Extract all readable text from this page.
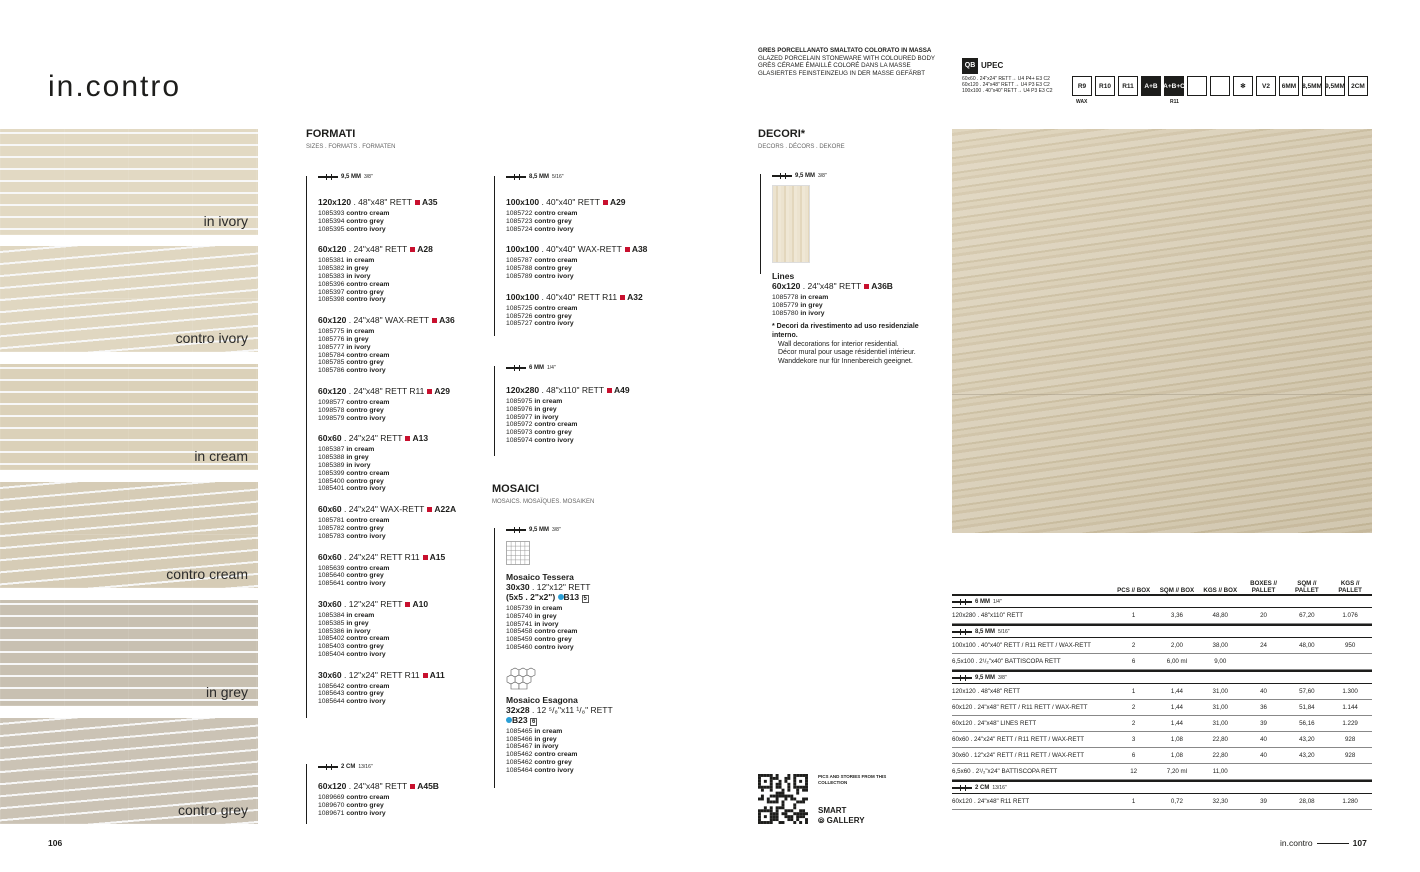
in.contro
in ivory
contro ivory
in cream
contro cream
in grey
contro grey
FORMATI
SIZES . FORMATS . FORMATEN
9,5 MM 3/8"
120x120 . 48"x48" RETT A35
1085393 contro cream
1085394 contro grey
1085395 contro ivory
60x120 . 24"x48" RETT A28
1085381 in cream
1085382 in grey
1085383 in ivory
1085396 contro cream
1085397 contro grey
1085398 contro ivory
60x120 . 24"x48" WAX-RETT A36
1085775 in cream
1085776 in grey
1085777 in ivory
1085784 contro cream
1085785 contro grey
1085786 contro ivory
60x120 . 24"x48" RETT R11 A29
1098577 contro cream
1098578 contro grey
1098579 contro ivory
60x60 . 24"x24" RETT A13
1085387 in cream
1085388 in grey
1085389 in ivory
1085399 contro cream
1085400 contro grey
1085401 contro ivory
60x60 . 24"x24" WAX-RETT A22A
1085781 contro cream
1085782 contro grey
1085783 contro ivory
60x60 . 24"x24" RETT R11 A15
1085639 contro cream
1085640 contro grey
1085641 contro ivory
30x60 . 12"x24" RETT A10
1085384 in cream
1085385 in grey
1085386 in ivory
1085402 contro cream
1085403 contro grey
1085404 contro ivory
30x60 . 12"x24" RETT R11 A11
1085642 contro cream
1085643 contro grey
1085644 contro ivory
2 CM 13/16"
60x120 . 24"x48" RETT A45B
1089669 contro cream
1089670 contro grey
1089671 contro ivory
8,5 MM 5/16"
100x100 . 40"x40" RETT A29
1085722 contro cream
1085723 contro grey
1085724 contro ivory
100x100 . 40"x40" WAX-RETT A38
1085787 contro cream
1085788 contro grey
1085789 contro ivory
100x100 . 40"x40" RETT R11 A32
1085725 contro cream
1085726 contro grey
1085727 contro ivory
6 MM 1/4"
120x280 . 48"x110" RETT A49
1085975 in cream
1085976 in grey
1085977 in ivory
1085972 contro cream
1085973 contro grey
1085974 contro ivory
MOSAICI
MOSAICS. MOSAÏQUES. MOSAIKEN
9,5 MM 3/8"
Mosaico Tessera
30x30 . 12"x12" RETT
(5x5 . 2"x2") B13 5
1085739 in cream
1085740 in grey
1085741 in ivory
1085458 contro cream
1085459 contro grey
1085460 contro ivory
Mosaico Esagona
32x28 . 12 ⁵/₈"x11 ¹/₈" RETT
B23 6
1085465 in cream
1085466 in grey
1085467 in ivory
1085462 contro cream
1085462 contro grey
1085464 contro ivory
DECORI*
DECORS . DÉCORS . DEKORE
9,5 MM 3/8"
Lines
60x120 . 24"x48" RETT A36B
1085778 in cream
1085779 in grey
1085780 in ivory
* Decori da rivestimento ad uso residenziale interno.
Wall decorations for interior residential.
Décor mural pour usage résidentiel intérieur.
Wanddekore nur für Innenbereich geeignet.
GRES PORCELLANATO SMALTATO COLORATO IN MASSA
GLAZED PORCELAIN STONEWARE WITH COLOURED BODY
GRÈS CÉRAME ÉMAILLÉ COLORÉ DANS LA MASSE
GLASIERTES FEINSTEINZEUG IN DER MASSE GEFÄRBT
QB UPEC
60x60 . 24"x24" RETT→ U4 P4+ E3 C2
60x120 . 24"x48" RETT→ U4 P3 E3 C2
100x100 . 40"x40" RETT→ U4 P3 E3 C2
R9	R10	R11	A+B A+B+C	✻	V2	6MM 8,5MM 9,5MM 2CM
WAX	R11
PICS AND STORIES FROM THIS COLLECTION
SMART
⦾ GALLERY
PCS // BOX	SQM // BOX	KGS // BOX
BOXES // PALLET
SQM // PALLET
KGS // PALLET
6 MM 1/4"
120x280 . 48"x110" RETT	1	3,36	48,80	20	67,20	1.076
8,5 MM 5/16"
100x100 . 40"x40" RETT / R11 RETT / WAX-RETT	2	2,00	38,00	24	48,00	950
6,5x100 . 2¹/₂"x40" BATTISCOPA RETT	6	6,00 ml	9,00
9,5 MM 3/8"
120x120 . 48"x48" RETT	1	1,44	31,00	40	57,60	1.300
60x120 . 24"x48" RETT / R11 RETT / WAX-RETT	2	1,44	31,00	36	51,84	1.144
60x120 . 24"x48" LINES RETT	2	1,44	31,00	39	56,16	1.229
60x60 . 24"x24" RETT / R11 RETT / WAX-RETT	3	1,08	22,80	40	43,20	928
30x60 . 12"x24" RETT / R11 RETT / WAX-RETT	6	1,08	22,80	40	43,20	928
6,5x60 . 2¹/₂"x24" BATTISCOPA RETT	12	7,20 ml	11,00
2 CM 13/16"
60x120 . 24"x48" R11 RETT	1	0,72	32,30	39	28,08	1.280
106	in.contro	107
